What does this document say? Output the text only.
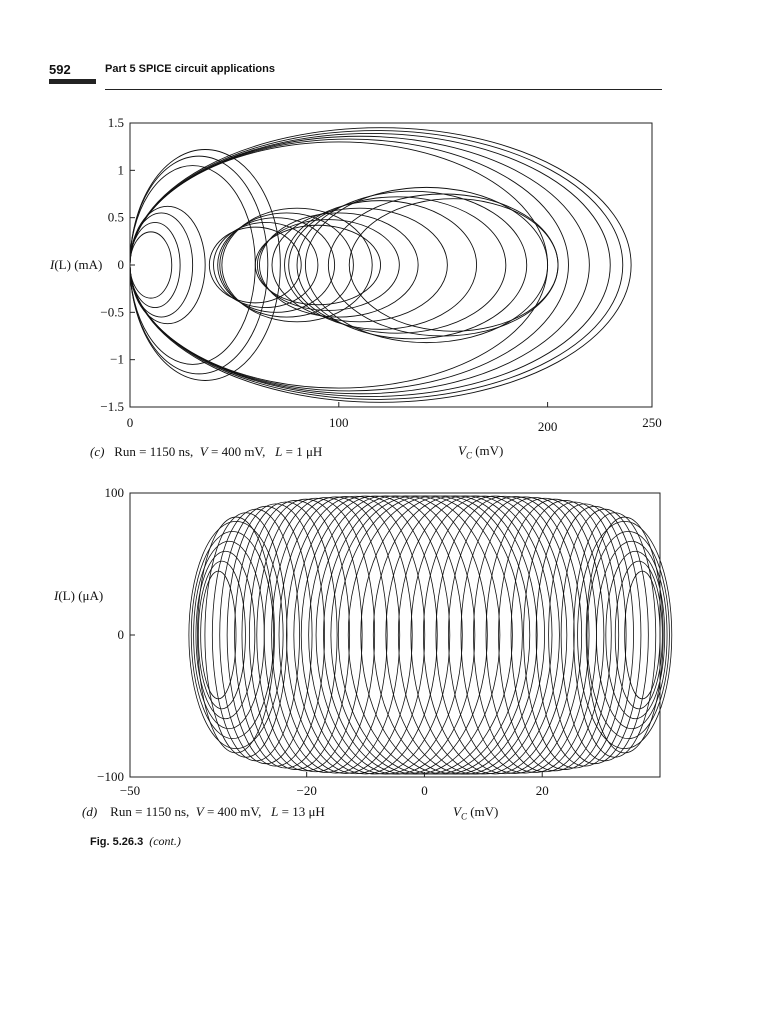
592	Part 5 SPICE circuit applications
1.5
1
0.5
0
−0.5
−1
−1.5
0	100	200	250
I(L) (mA)
(c) Run = 1150 ns, V = 400 mV, L = 1 μH	$V_C$ (mV)
100
0
−100
−50	−20	0	20
I(L) (μA)
(d) Run = 1150 ns, V = 400 mV, L = 13 μH	$V_C$ (mV)
Fig. 5.26.3 (cont.)
